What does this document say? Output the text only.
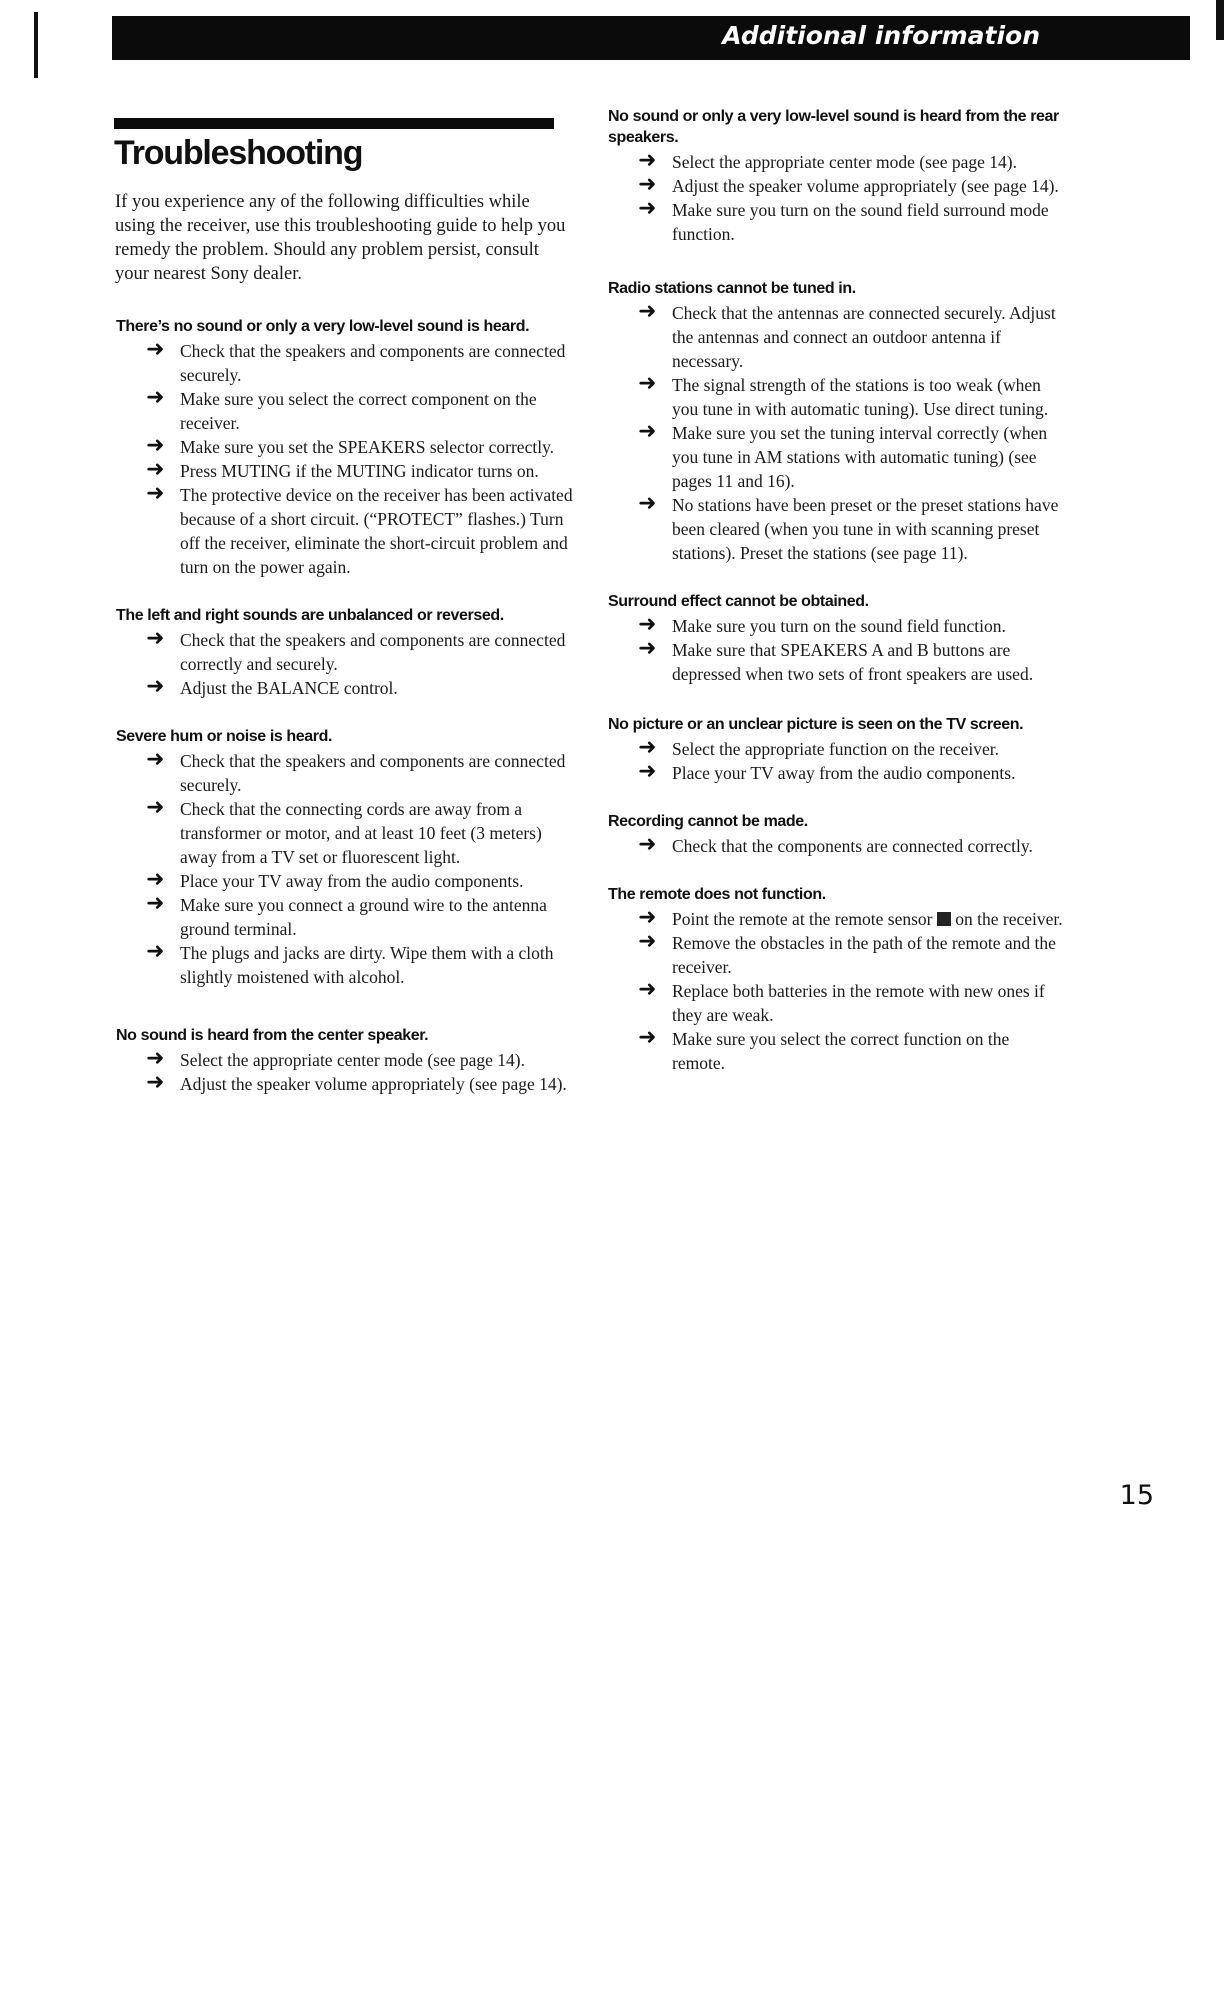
Additional information
Troubleshooting

If you experience any of the following difficulties while using the receiver, use this troubleshooting guide to help you remedy the problem. Should any problem persist, consult your nearest Sony dealer.

There’s no sound or only a very low-level sound is heard.

➜ Check that the speakers and components are connected securely.
➜ Make sure you select the correct component on the receiver.
➜ Make sure you set the SPEAKERS selector correctly.
➜ Press MUTING if the MUTING indicator turns on.
➜ The protective device on the receiver has been activated because of a short circuit. (“PROTECT” flashes.) Turn off the receiver, eliminate the short-circuit problem and turn on the power again.

The left and right sounds are unbalanced or reversed.

➜ Check that the speakers and components are connected correctly and securely.
➜ Adjust the BALANCE control.

Severe hum or noise is heard.

➜ Check that the speakers and components are connected securely.
➜ Check that the connecting cords are away from a transformer or motor, and at least 10 feet (3 meters) away from a TV set or fluorescent light.
➜ Place your TV away from the audio components.
➜ Make sure you connect a ground wire to the antenna ground terminal.
➜ The plugs and jacks are dirty. Wipe them with a cloth slightly moistened with alcohol.

No sound is heard from the center speaker.

➜ Select the appropriate center mode (see page 14).
➜ Adjust the speaker volume appropriately (see page 14).

No sound or only a very low-level sound is heard from the rear speakers.

➜ Select the appropriate center mode (see page 14).
➜ Adjust the speaker volume appropriately (see page 14).
➜ Make sure you turn on the sound field surround mode function.

Radio stations cannot be tuned in.

➜ Check that the antennas are connected securely. Adjust the antennas and connect an outdoor antenna if necessary.
➜ The signal strength of the stations is too weak (when you tune in with automatic tuning). Use direct tuning.
➜ Make sure you set the tuning interval correctly (when you tune in AM stations with automatic tuning) (see pages 11 and 16).
➜ No stations have been preset or the preset stations have been cleared (when you tune in with scanning preset stations). Preset the stations (see page 11).

Surround effect cannot be obtained.

➜ Make sure you turn on the sound field function.
➜ Make sure that SPEAKERS A and B buttons are depressed when two sets of front speakers are used.

No picture or an unclear picture is seen on the TV screen.

➜ Select the appropriate function on the receiver.
➜ Place your TV away from the audio components.

Recording cannot be made.

➜ Check that the components are connected correctly.

The remote does not function.

➜ Point the remote at the remote sensor on the receiver.
➜ Remove the obstacles in the path of the remote and the receiver.
➜ Replace both batteries in the remote with new ones if they are weak.
➜ Make sure you select the correct function on the remote.
15
